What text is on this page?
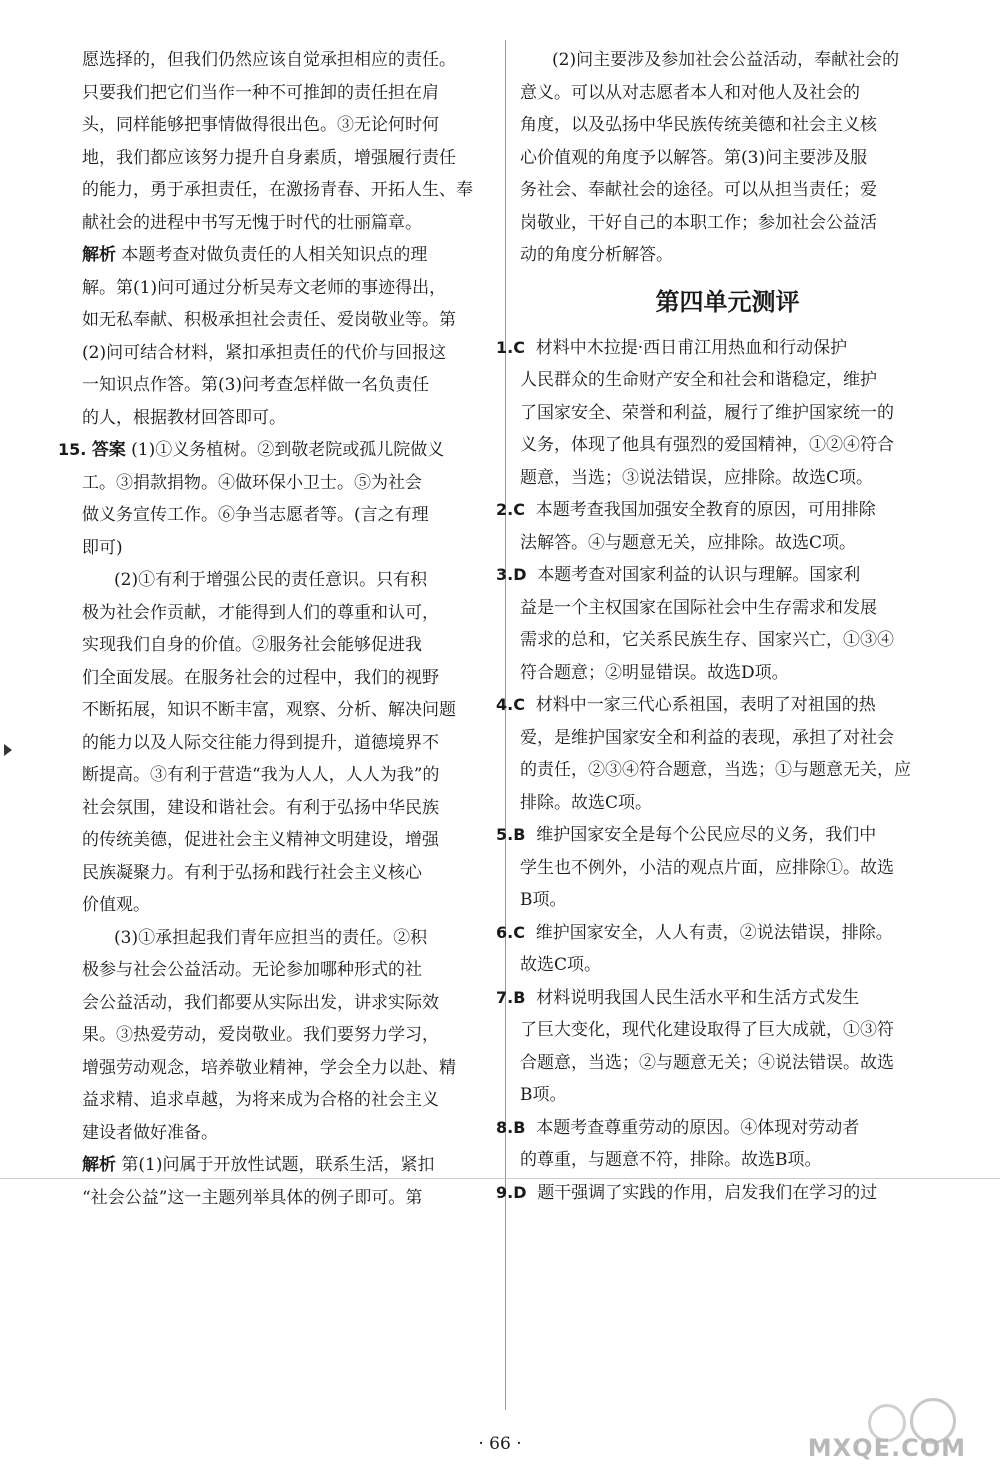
愿选择的，但我们仍然应该自觉承担相应的责任。
只要我们把它们当作一种不可推卸的责任担在肩
头，同样能够把事情做得很出色。③无论何时何
地，我们都应该努力提升自身素质，增强履行责任
的能力，勇于承担责任，在激扬青春、开拓人生、奉
献社会的进程中书写无愧于时代的壮丽篇章。
解析 本题考查对做负责任的人相关知识点的理
解。第(1)问可通过分析吴寿文老师的事迹得出，
如无私奉献、积极承担社会责任、爱岗敬业等。第
(2)问可结合材料，紧扣承担责任的代价与回报这
一知识点作答。第(3)问考查怎样做一名负责任
的人，根据教材回答即可。
15. 答案 (1)①义务植树。②到敬老院或孤儿院做义
工。③捐款捐物。④做环保小卫士。⑤为社会
做义务宣传工作。⑥争当志愿者等。(言之有理
即可)
(2)①有利于增强公民的责任意识。只有积
极为社会作贡献，才能得到人们的尊重和认可，
实现我们自身的价值。②服务社会能够促进我
们全面发展。在服务社会的过程中，我们的视野
不断拓展，知识不断丰富，观察、分析、解决问题
的能力以及人际交往能力得到提升，道德境界不
断提高。③有利于营造“我为人人，人人为我”的
社会氛围，建设和谐社会。有利于弘扬中华民族
的传统美德，促进社会主义精神文明建设，增强
民族凝聚力。有利于弘扬和践行社会主义核心
价值观。
(3)①承担起我们青年应担当的责任。②积
极参与社会公益活动。无论参加哪种形式的社
会公益活动，我们都要从实际出发，讲求实际效
果。③热爱劳动，爱岗敬业。我们要努力学习，
增强劳动观念，培养敬业精神，学会全力以赴、精
益求精、追求卓越，为将来成为合格的社会主义
建设者做好准备。
解析 第(1)问属于开放性试题，联系生活，紧扣
“社会公益”这一主题列举具体的例子即可。第
(2)问主要涉及参加社会公益活动，奉献社会的
意义。可以从对志愿者本人和对他人及社会的
角度，以及弘扬中华民族传统美德和社会主义核
心价值观的角度予以解答。第(3)问主要涉及服
务社会、奉献社会的途径。可以从担当责任；爱
岗敬业，干好自己的本职工作；参加社会公益活
动的角度分析解答。
第四单元测评
1.C 材料中木拉提·西日甫江用热血和行动保护
人民群众的生命财产安全和社会和谐稳定，维护
了国家安全、荣誉和利益，履行了维护国家统一的
义务，体现了他具有强烈的爱国精神，①②④符合
题意，当选；③说法错误，应排除。故选C项。
2.C 本题考查我国加强安全教育的原因，可用排除
法解答。④与题意无关，应排除。故选C项。
3.D 本题考查对国家利益的认识与理解。国家利
益是一个主权国家在国际社会中生存需求和发展
需求的总和，它关系民族生存、国家兴亡，①③④
符合题意；②明显错误。故选D项。
4.C 材料中一家三代心系祖国，表明了对祖国的热
爱，是维护国家安全和利益的表现，承担了对社会
的责任，②③④符合题意，当选；①与题意无关，应
排除。故选C项。
5.B 维护国家安全是每个公民应尽的义务，我们中
学生也不例外，小洁的观点片面，应排除①。故选
B项。
6.C 维护国家安全，人人有责，②说法错误，排除。
故选C项。
7.B 材料说明我国人民生活水平和生活方式发生
了巨大变化，现代化建设取得了巨大成就，①③符
合题意，当选；②与题意无关；④说法错误。故选
B项。
8.B 本题考查尊重劳动的原因。④体现对劳动者
的尊重，与题意不符，排除。故选B项。
9.D 题干强调了实践的作用，启发我们在学习的过
· 66 ·	MXQE.COM
